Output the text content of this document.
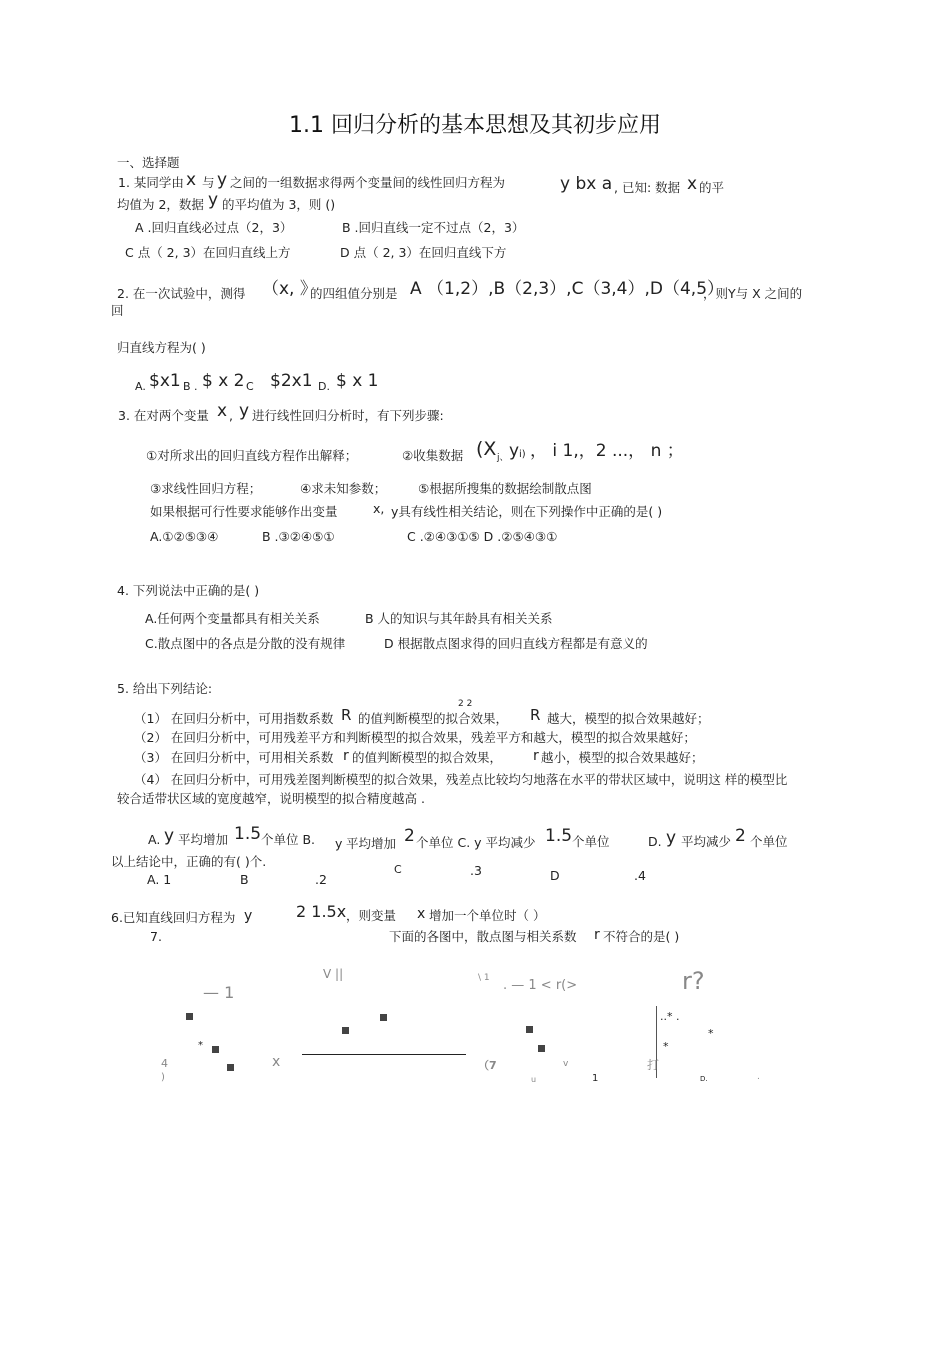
1.1 回归分析的基本思想及其初步应用
一、选择题
1. 某同学由 x 与 y 之间的一组数据求得两个变量间的线性回归方程为	y bx a , 已知: 数据 x 的平
均值为 2，数据 y 的平均值为 3，则 ()
A .回归直线必过点（2，3）	B .回归直线一定不过点（2，3）
C 点（ 2, 3）在回归直线上方	D 点（ 2, 3）在回归直线下方
2. 在一次试验中，测得 （x, 》
的四组值分别是 A （1,2）,B（2,3）,C（3,4）,D（4,5）
，则Y与 X 之间的
回
归直线方程为( )
A. $x1 B . $ x 2 C $2x1 D. $ x 1
3. 在对两个变量 x , y 进行线性回归分析时，有下列步骤:
①对所求出的回归直线方程作出解释；	②收集数据 (X j、 y i) ， i 1,，2 ...， n ；
③求线性回归方程；	④求未知参数；	⑤根据所搜集的数据绘制散点图
如果根据可行性要求能够作出变量	x, y具有线性相关结论，则在下列操作中正确的是( )
A.①②⑤③④	B .③②④⑤①	C .②④③①⑤ D .②⑤④③①
4. 下列说法中正确的是( )
A.任何两个变量都具有相关关系	B 人的知识与其年龄具有相关关系
C.散点图中的各点是分散的没有规律	D 根据散点图求得的回归直线方程都是有意义的
5. 给出下列结论:
2 2
（1） 在回归分析中，可用指数系数 R 的值判断模型的拟合效果， R 越大，模型的拟合效果越好；
（2） 在回归分析中，可用残差平方和判断模型的拟合效果，残差平方和越大，模型的拟合效果越好；
（3） 在回归分析中，可用相关系数 r 的值判断模型的拟合效果， r 越小，模型的拟合效果越好；
（4） 在回归分析中，可用残差图判断模型的拟合效果，残差点比较均匀地落在水平的带状区域中，说明这 样的模型比
较合适带状区域的宽度越窄，说明模型的拟合精度越高 .
A. y 平均增加 1.5 个单位 B. y 平均增加 2 个单位 C. y 平均减少 1.5 个单位	D. y 平均减少 2 个单位
以上结论中，正确的有( )个.
C	.3
A. 1	B	.2	D	.4
6.已知直线回归方程为 y	2 1.5x ，则变量 x 增加一个单位时（ ）
7.	下面的各图中，散点图与相关系数 r 不符合的是( )
— 1
*
4
)
x
V ||	\ 1 . — 1 < r(>
（7
u
v
1
r?
..* .
*
*
打
D.	.
